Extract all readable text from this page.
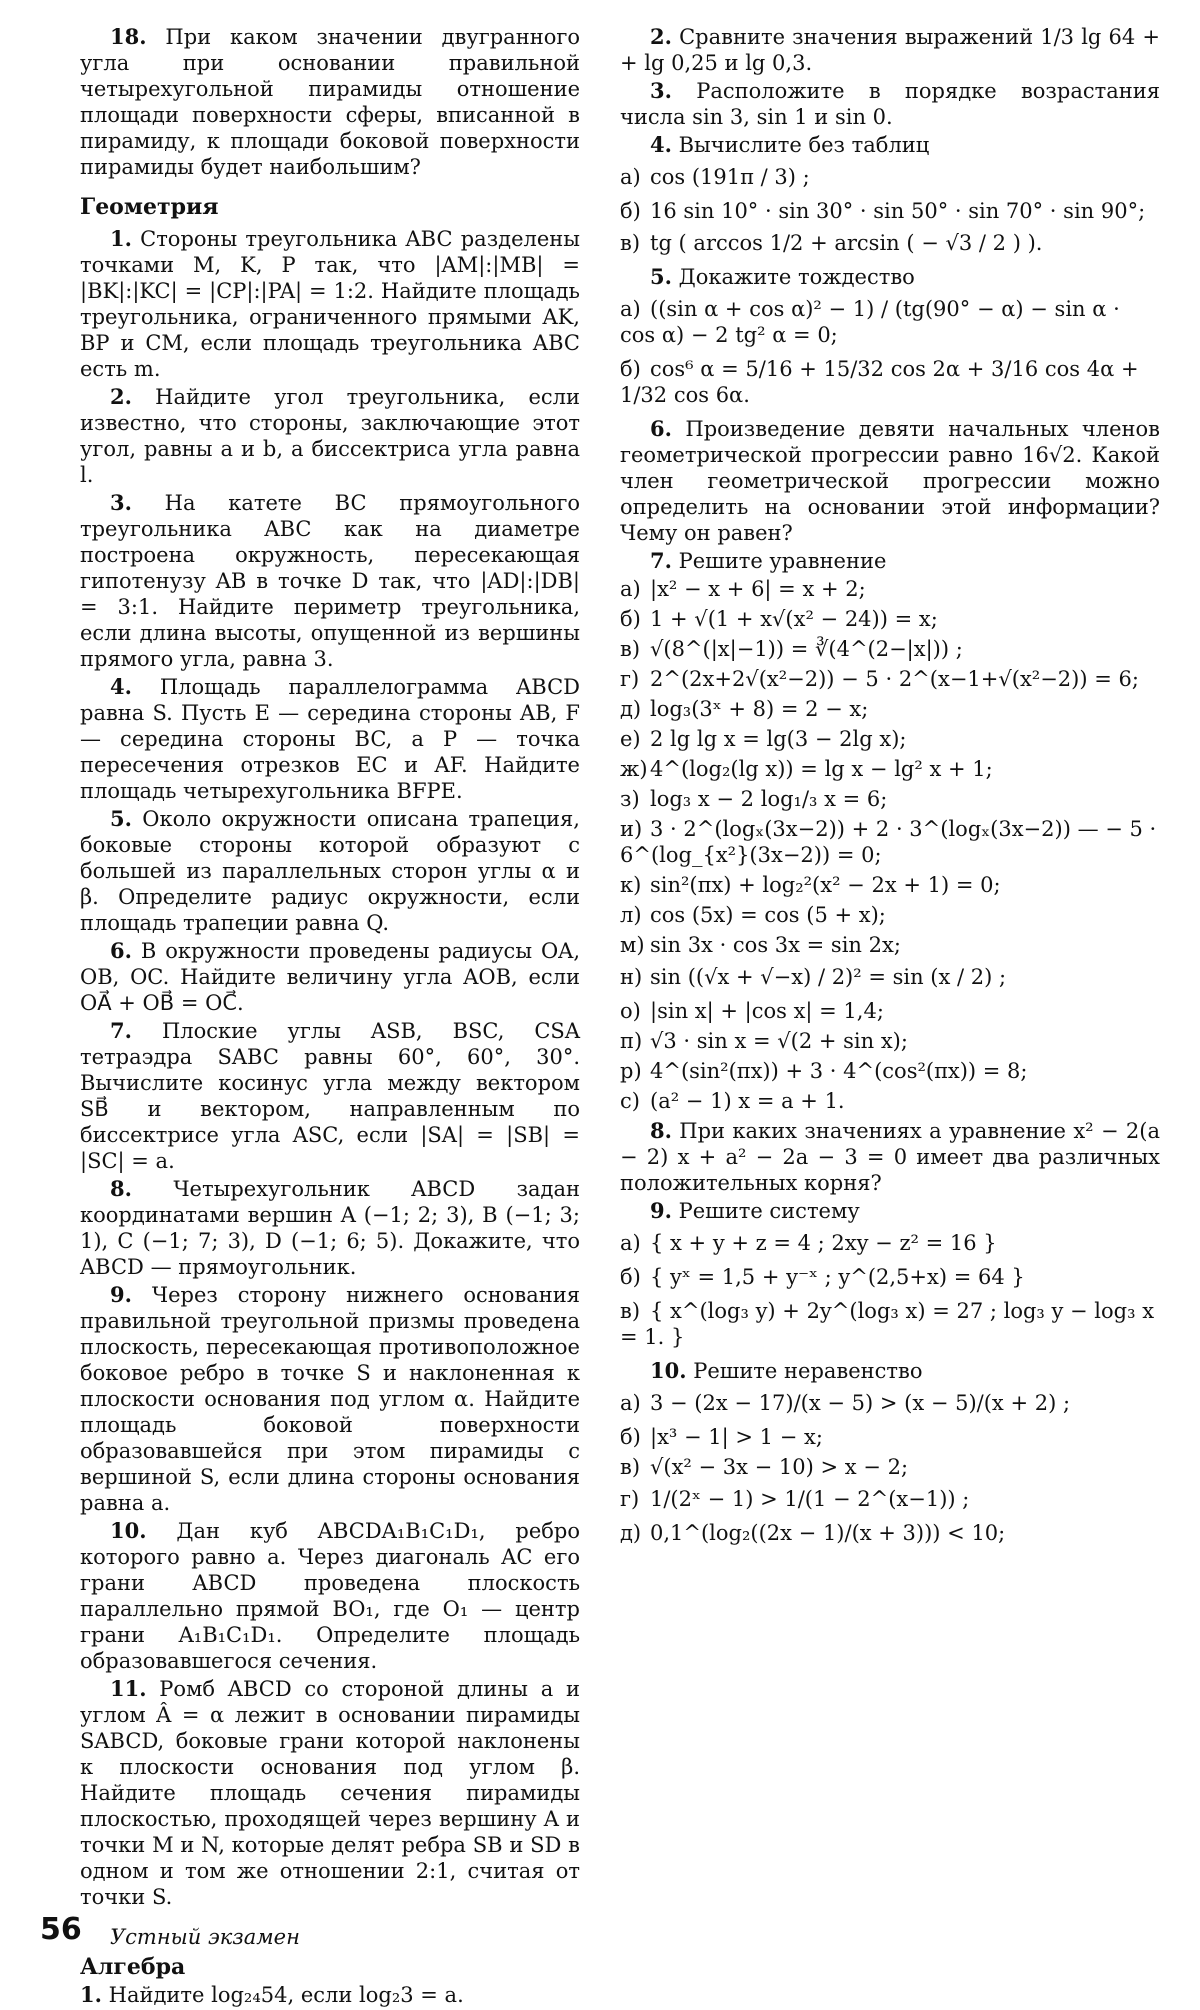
18. При каком значении двугранного угла при основании правильной четырехугольной пирамиды отношение площади поверхности сферы, вписанной в пирамиду, к площади боковой поверхности пирамиды будет наибольшим?

Геометрия

1. Стороны треугольника ABC разделены точками M, K, P так, что |AM|:|MB| = |BK|:|KC| = |CP|:|PA| = 1:2. Найдите площадь треугольника, ограниченного прямыми AK, BP и CM, если площадь треугольника ABC есть m.

2. Найдите угол треугольника, если известно, что стороны, заключающие этот угол, равны a и b, а биссектриса угла равна l.

3. На катете BC прямоугольного треугольника ABC как на диаметре построена окружность, пересекающая гипотенузу AB в точке D так, что |AD|:|DB| = 3:1. Найдите периметр треугольника, если длина высоты, опущенной из вершины прямого угла, равна 3.

4. Площадь параллелограмма ABCD равна S. Пусть E — середина стороны AB, F — середина стороны BC, а P — точка пересечения отрезков EC и AF. Найдите площадь четырехугольника BFPE.

5. Около окружности описана трапеция, боковые стороны которой образуют с большей из параллельных сторон углы α и β. Определите радиус окружности, если площадь трапеции равна Q.

6. В окружности проведены радиусы OA, OB, OC. Найдите величину угла AOB, если OA⃗ + OB⃗ = OC⃗.

7. Плоские углы ASB, BSC, CSA тетраэдра SABC равны 60°, 60°, 30°. Вычислите косинус угла между вектором SB⃗ и вектором, направленным по биссектрисе угла ASC, если |SA| = |SB| = |SC| = a.

8. Четырехугольник ABCD задан координатами вершин A (−1; 2; 3), B (−1; 3; 1), C (−1; 7; 3), D (−1; 6; 5). Докажите, что ABCD — прямоугольник.

9. Через сторону нижнего основания правильной треугольной призмы проведена плоскость, пересекающая противоположное боковое ребро в точке S и наклоненная к плоскости основания под углом α. Найдите площадь боковой поверхности образовавшейся при этом пирамиды с вершиной S, если длина стороны основания равна a.

10. Дан куб ABCDA₁B₁C₁D₁, ребро которого равно a. Через диагональ AC его грани ABCD проведена плоскость параллельно прямой BO₁, где O₁ — центр грани A₁B₁C₁D₁. Определите площадь образовавшегося сечения.

11. Ромб ABCD со стороной длины a и углом Â = α лежит в основании пирамиды SABCD, боковые грани которой наклонены к плоскости основания под углом β. Найдите площадь сечения пирамиды плоскостью, проходящей через вершину A и точки M и N, которые делят ребра SB и SD в одном и том же отношении 2:1, считая от точки S.

Устный экзамен

Алгебра

1. Найдите log₂₄54, если log₂3 = a.

2. Сравните значения выражений 1/3 lg 64 + + lg 0,25 и lg 0,3.

3. Расположите в порядке возрастания числа sin 3, sin 1 и sin 0.

4. Вычислите без таблиц

а) cos (191π / 3) ;
б) 16 sin 10° · sin 30° · sin 50° · sin 70° · sin 90°;
в) tg ( arccos 1/2 + arcsin ( − √3 / 2 ) ).

5. Докажите тождество

а) ((sin α + cos α)² − 1) / (tg(90° − α) − sin α · cos α) − 2 tg² α = 0;
б) cos⁶ α = 5/16 + 15/32 cos 2α + 3/16 cos 4α + 1/32 cos 6α.

6. Произведение девяти начальных членов геометрической прогрессии равно 16√2. Какой член геометрической прогрессии можно определить на основании этой информации? Чему он равен?

7. Решите уравнение

а) |x² − x + 6| = x + 2;
б) 1 + √(1 + x√(x² − 24)) = x;
в) √(8^(|x|−1)) = ∛(4^(2−|x|)) ;
г) 2^(2x+2√(x²−2)) − 5 · 2^(x−1+√(x²−2)) = 6;
д) log₃(3ˣ + 8) = 2 − x;
е) 2 lg lg x = lg(3 − 2lg x);
ж) 4^(log₂(lg x)) = lg x − lg² x + 1;
з) log₃ x − 2 log₁/₃ x = 6;
и) 3 · 2^(logₓ(3x−2)) + 2 · 3^(logₓ(3x−2)) — − 5 · 6^(log_{x²}(3x−2)) = 0;
к) sin²(πx) + log₂²(x² − 2x + 1) = 0;
л) cos (5x) = cos (5 + x);
м) sin 3x · cos 3x = sin 2x;
н) sin ((√x + √−x) / 2)² = sin (x / 2) ;
о) |sin x| + |cos x| = 1,4;
п) √3 · sin x = √(2 + sin x);
р) 4^(sin²(πx)) + 3 · 4^(cos²(πx)) = 8;
с) (a² − 1) x = a + 1.

8. При каких значениях a уравнение x² − 2(a − 2) x + a² − 2a − 3 = 0 имеет два различных положительных корня?

9. Решите систему

а) { x + y + z = 4 ; 2xy − z² = 16 }
б) { yˣ = 1,5 + y⁻ˣ ; y^(2,5+x) = 64 }
в) { x^(log₃ y) + 2y^(log₃ x) = 27 ; log₃ y − log₃ x = 1. }

10. Решите неравенство

а) 3 − (2x − 17)/(x − 5) > (x − 5)/(x + 2) ;
б) |x³ − 1| > 1 − x;
в) √(x² − 3x − 10) > x − 2;
г) 1/(2ˣ − 1) > 1/(1 − 2^(x−1)) ;
д) 0,1^(log₂((2x − 1)/(x + 3))) < 10;
56
